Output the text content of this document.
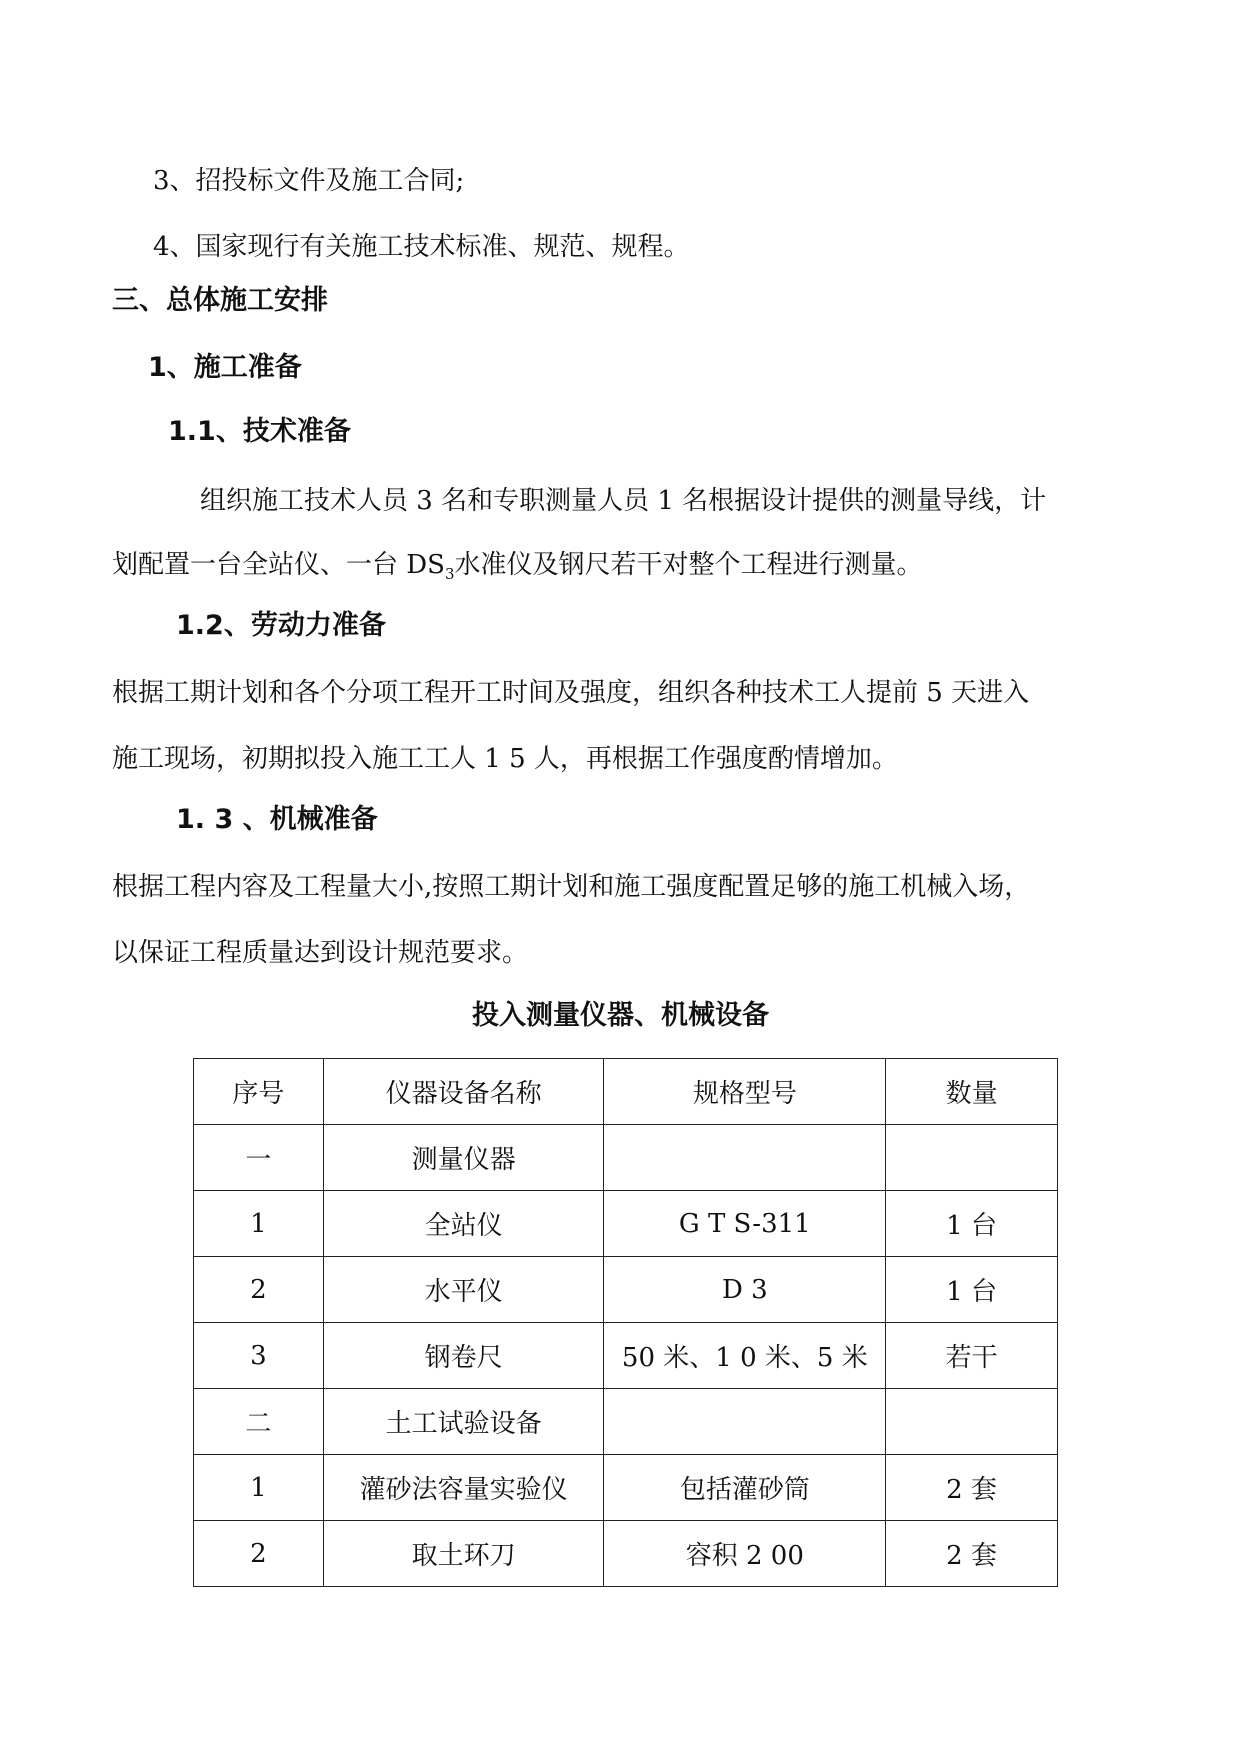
3、招投标文件及施工合同;
4、国家现行有关施工技术标准、规范、规程。
三、总体施工安排
1、施工准备
1.1、技术准备
组织施工技术人员 3 名和专职测量人员 1 名根据设计提供的测量导线，计
划配置一台全站仪、一台 $DS_3$水准仪及钢尺若干对整个工程进行测量。
1.2、劳动力准备
根据工期计划和各个分项工程开工时间及强度，组织各种技术工人提前 5 天进入
施工现场，初期拟投入施工工人 1 5 人，再根据工作强度酌情增加。
1. 3 、机械准备
根据工程内容及工程量大小,按照工期计划和施工强度配置足够的施工机械入场，
以保证工程质量达到设计规范要求。
投入测量仪器、机械设备
序号	仪器设备名称	规格型号	数量
一	测量仪器		
1	全站仪	G T S-311	1 台
2	水平仪	D 3	1 台
3	钢卷尺	50 米、1 0 米、5 米	若干
二	土工试验设备		
1	灌砂法容量实验仪	包括灌砂筒	2 套
2	取土环刀	容积 2 00	2 套
